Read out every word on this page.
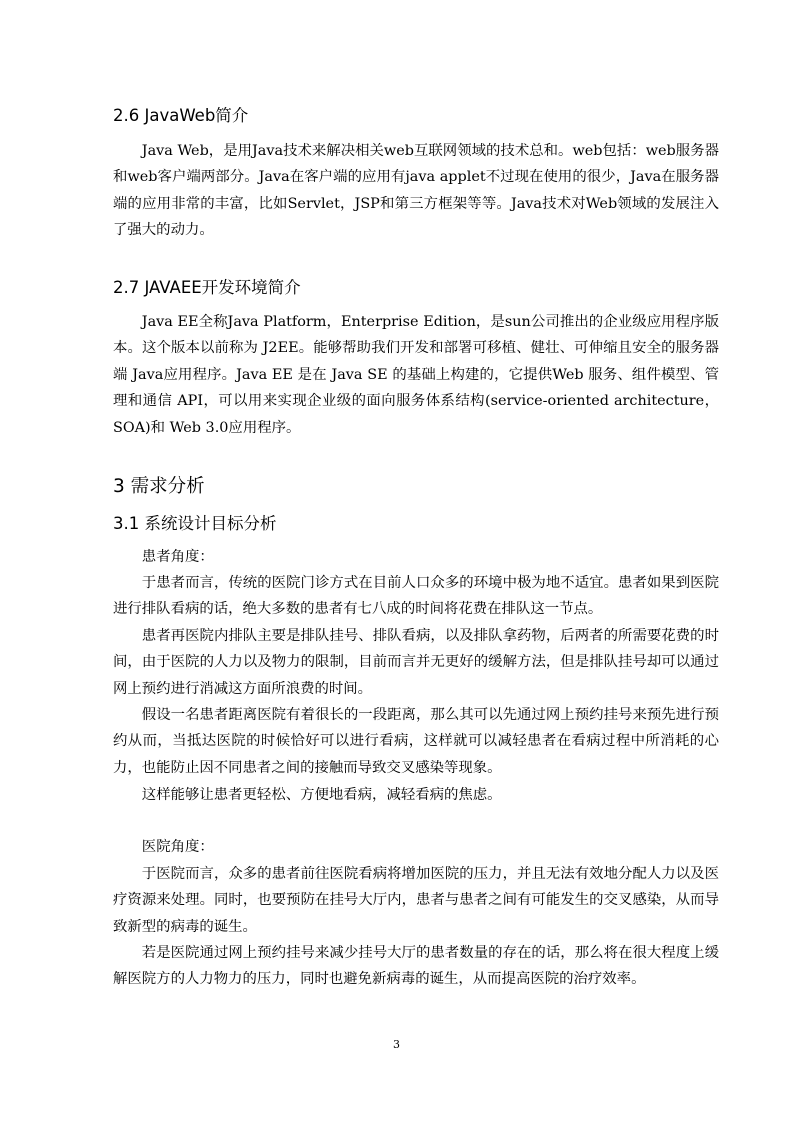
2.6 JavaWeb简介

Java Web，是用Java技术来解决相关web互联网领域的技术总和。web包括：web服务器和web客户端两部分。Java在客户端的应用有java applet不过现在使用的很少，Java在服务器端的应用非常的丰富，比如Servlet，JSP和第三方框架等等。Java技术对Web领域的发展注入了强大的动力。

2.7 JAVAEE开发环境简介

Java EE全称Java Platform，Enterprise Edition，是sun公司推出的企业级应用程序版本。这个版本以前称为 J2EE。能够帮助我们开发和部署可移植、健壮、可伸缩且安全的服务器端 Java应用程序。Java EE 是在 Java SE 的基础上构建的，它提供Web 服务、组件模型、管理和通信 API，可以用来实现企业级的面向服务体系结构(service-oriented architecture，SOA)和 Web 3.0应用程序。

3 需求分析
3.1 系统设计目标分析

患者角度：

于患者而言，传统的医院门诊方式在目前人口众多的环境中极为地不适宜。患者如果到医院进行排队看病的话，绝大多数的患者有七八成的时间将花费在排队这一节点。

患者再医院内排队主要是排队挂号、排队看病，以及排队拿药物，后两者的所需要花费的时间，由于医院的人力以及物力的限制，目前而言并无更好的缓解方法，但是排队挂号却可以通过网上预约进行消减这方面所浪费的时间。

假设一名患者距离医院有着很长的一段距离，那么其可以先通过网上预约挂号来预先进行预约从而，当抵达医院的时候恰好可以进行看病，这样就可以减轻患者在看病过程中所消耗的心力，也能防止因不同患者之间的接触而导致交叉感染等现象。

这样能够让患者更轻松、方便地看病，减轻看病的焦虑。

医院角度：

于医院而言，众多的患者前往医院看病将增加医院的压力，并且无法有效地分配人力以及医疗资源来处理。同时，也要预防在挂号大厅内，患者与患者之间有可能发生的交叉感染，从而导致新型的病毒的诞生。

若是医院通过网上预约挂号来减少挂号大厅的患者数量的存在的话，那么将在很大程度上缓解医院方的人力物力的压力，同时也避免新病毒的诞生，从而提高医院的治疗效率。

3
